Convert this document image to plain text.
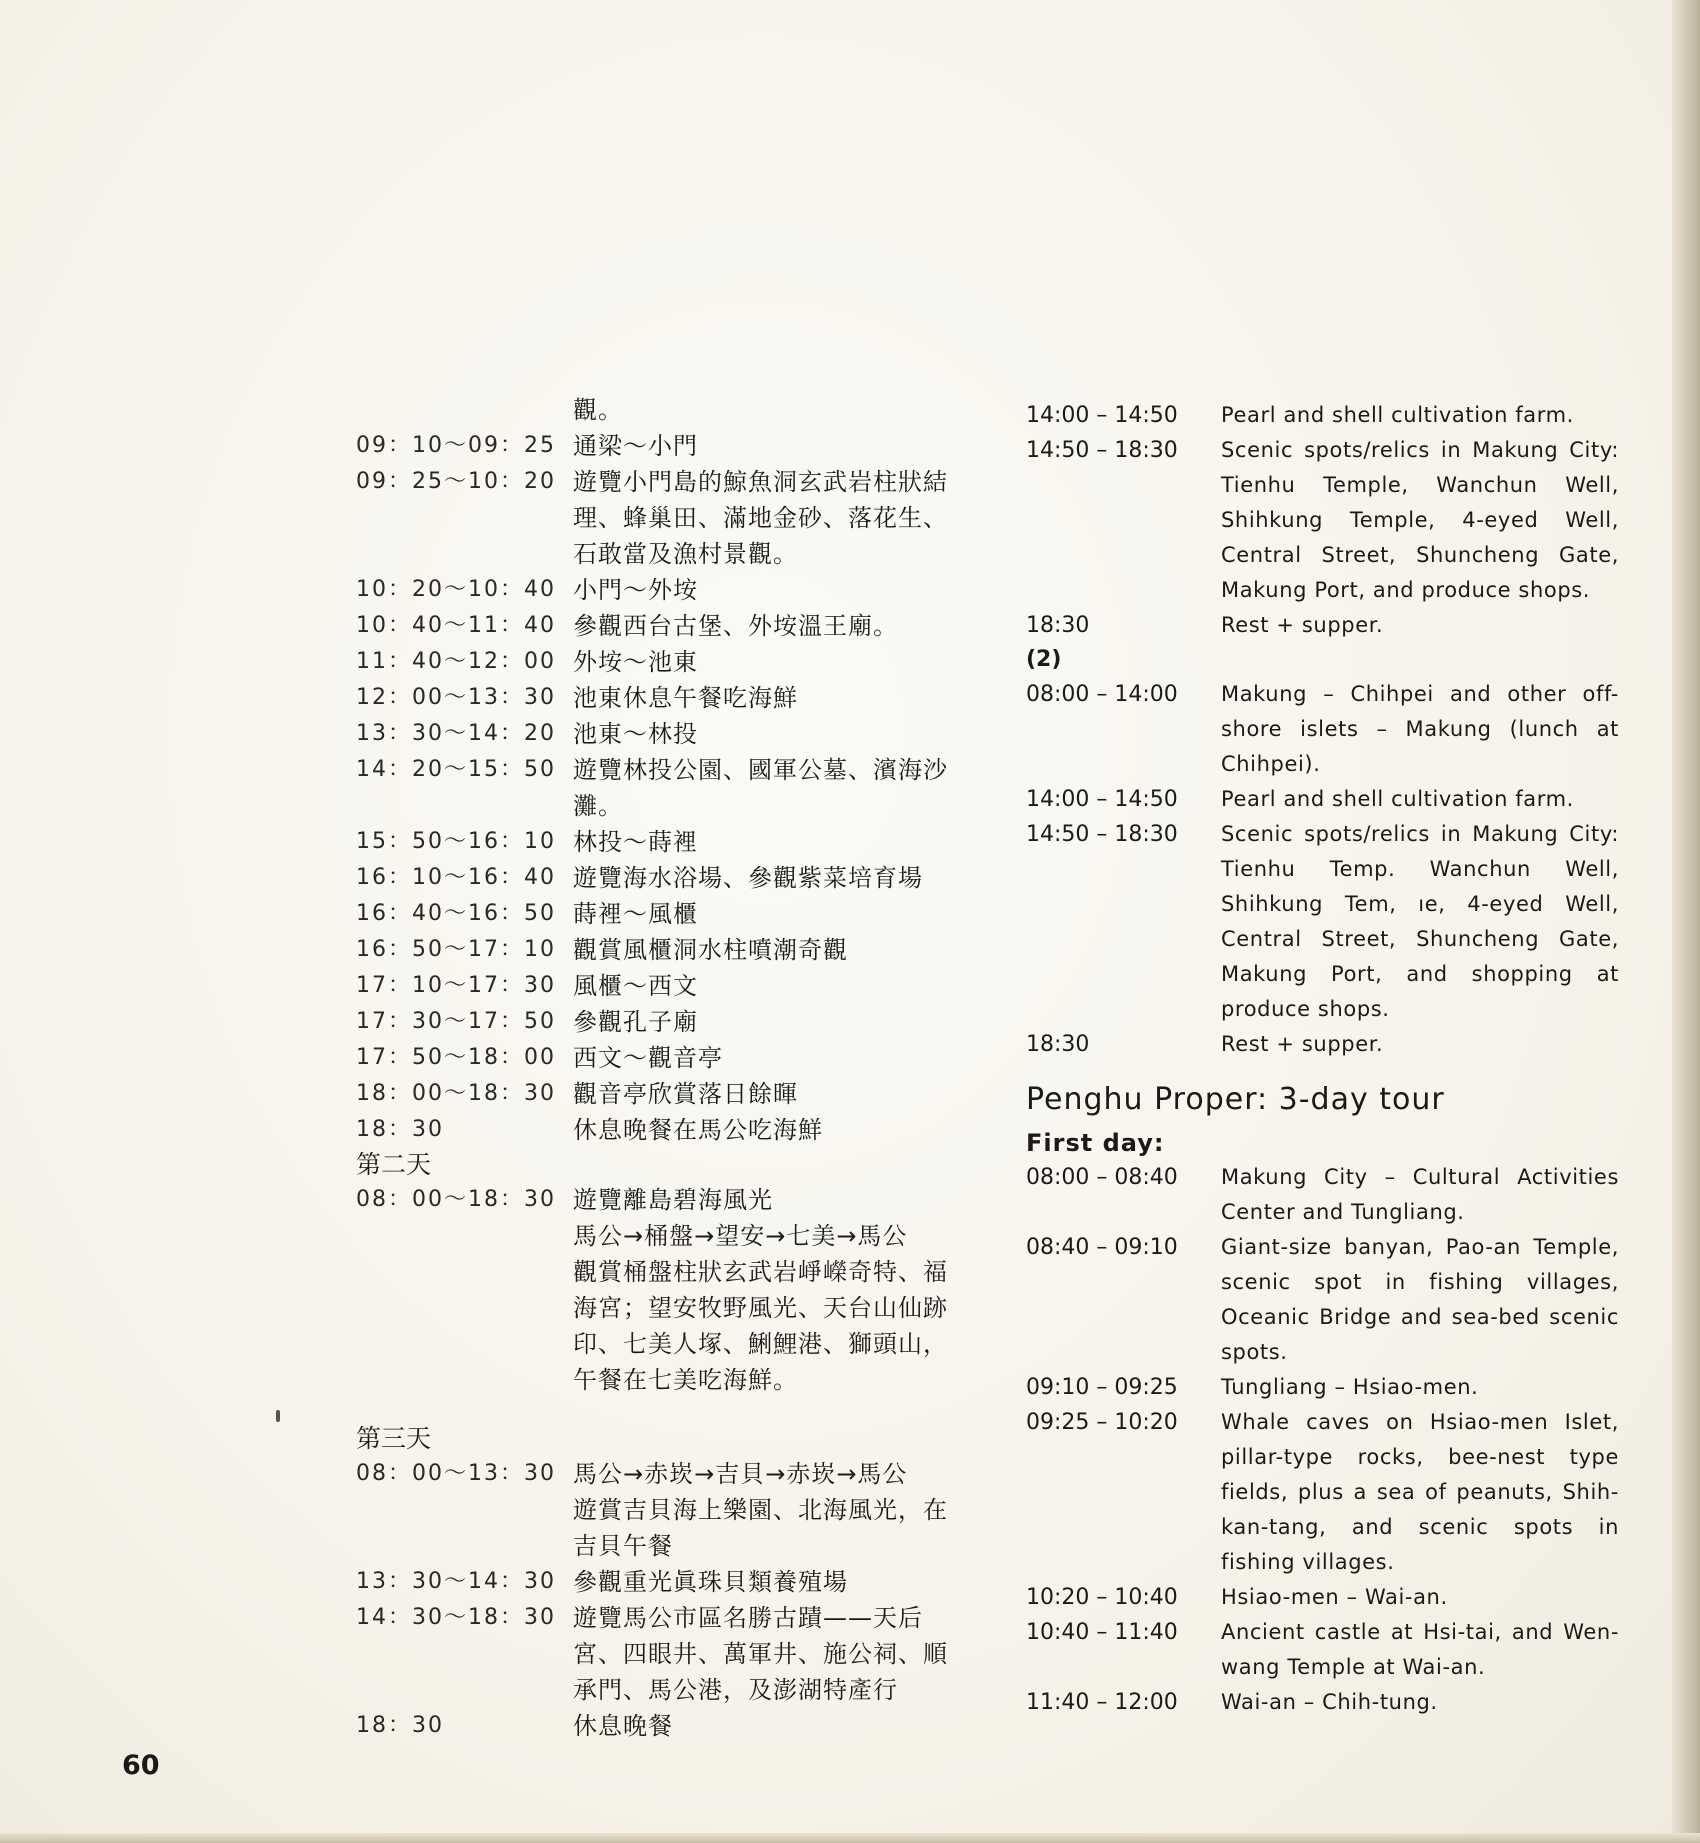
觀。
09：10～09：25 通梁～小門
09：25～10：20 遊覽小門島的鯨魚洞玄武岩柱狀結理、蜂巢田、滿地金砂、落花生、石敢當及漁村景觀。
10：20～10：40 小門～外垵
10：40～11：40 參觀西台古堡、外垵溫王廟。
11：40～12：00 外垵～池東
12：00～13：30 池東休息午餐吃海鮮
13：30～14：20 池東～林投
14：20～15：50 遊覽林投公園、國軍公墓、濱海沙灘。
15：50～16：10 林投～蒔裡
16：10～16：40 遊覽海水浴場、參觀紫菜培育場
16：40～16：50 蒔裡～風櫃
16：50～17：10 觀賞風櫃洞水柱噴潮奇觀
17：10～17：30 風櫃～西文
17：30～17：50 參觀孔子廟
17：50～18：00 西文～觀音亭
18：00～18：30 觀音亭欣賞落日餘暉
18：30	休息晚餐在馬公吃海鮮
第二天
08：00～18：30 遊覽離島碧海風光
馬公→桶盤→望安→七美→馬公
觀賞桶盤柱狀玄武岩崢嶸奇特、福海宮；望安牧野風光、天台山仙跡印、七美人塚、鯏鯉港、獅頭山，午餐在七美吃海鮮。
第三天
08：00～13：30 馬公→赤崁→吉貝→赤崁→馬公
遊賞吉貝海上樂園、北海風光，在吉貝午餐
13：30～14：30 參觀重光眞珠貝類養殖場
14：30～18：30 遊覽馬公市區名勝古蹟——天后宮、四眼井、萬軍井、施公祠、順承門、馬公港，及澎湖特產行
18：30	休息晚餐
14:00 – 14:50	Pearl and shell cultivation farm.
14:50 – 18:30	Scenic spots/relics in Makung City: Tienhu Temple, Wanchun Well, Shihkung Temple, 4-eyed Well, Central Street, Shuncheng Gate, Makung Port, and produce shops.
18:30	Rest + supper.
(2)
08:00 – 14:00	Makung – Chihpei and other off-shore islets – Makung (lunch at Chihpei).
14:00 – 14:50	Pearl and shell cultivation farm.
14:50 – 18:30	Scenic spots/relics in Makung City: Tienhu Temp. Wanchun Well, Shihkung Tem, ıe, 4-eyed Well, Central Street, Shuncheng Gate, Makung Port, and shopping at produce shops.
18:30	Rest + supper.
Penghu Proper: 3-day tour
First day:
08:00 – 08:40	Makung City – Cultural Activities Center and Tungliang.
08:40 – 09:10	Giant-size banyan, Pao-an Temple, scenic spot in fishing villages, Oceanic Bridge and sea-bed scenic spots.
09:10 – 09:25	Tungliang – Hsiao-men.
09:25 – 10:20	Whale caves on Hsiao-men Islet, pillar-type rocks, bee-nest type fields, plus a sea of peanuts, Shih-kan-tang, and scenic spots in fishing villages.
10:20 – 10:40	Hsiao-men – Wai-an.
10:40 – 11:40	Ancient castle at Hsi-tai, and Wen-wang Temple at Wai-an.
11:40 – 12:00	Wai-an – Chih-tung.
60
